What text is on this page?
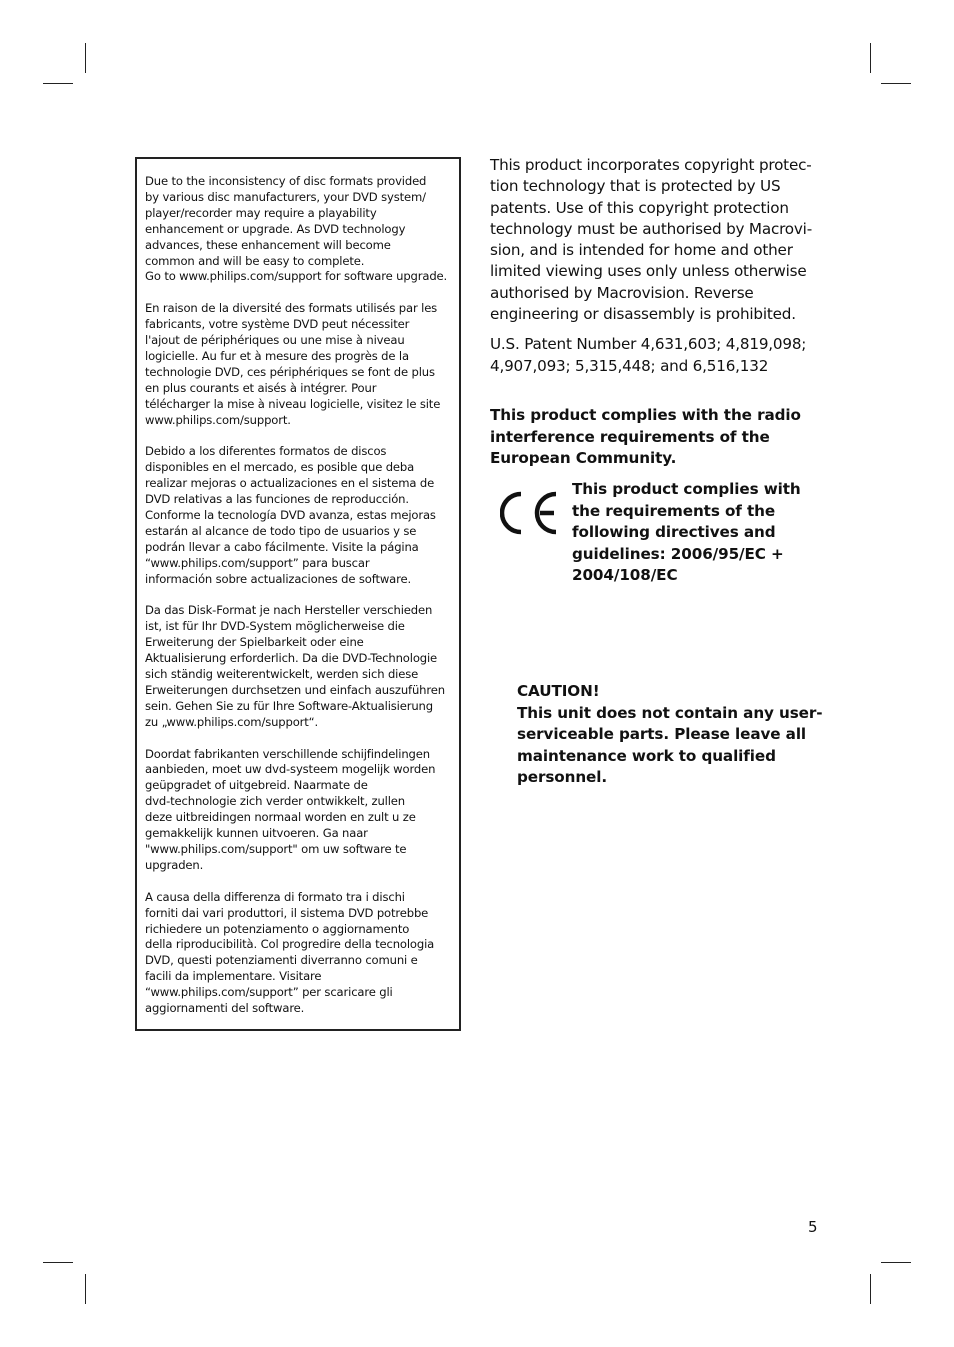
Due to the inconsistency of disc formats provided
by various disc manufacturers, your DVD system/
player/recorder may require a playability
enhancement or upgrade. As DVD technology
advances, these enhancement will become
common and will be easy to complete.
Go to www.philips.com/support for software upgrade.

En raison de la diversité des formats utilisés par les
fabricants, votre système DVD peut nécessiter
l'ajout de périphériques ou une mise à niveau
logicielle. Au fur et à mesure des progrès de la
technologie DVD, ces périphériques se font de plus
en plus courants et aisés à intégrer. Pour
télécharger la mise à niveau logicielle, visitez le site
www.philips.com/support.

Debido a los diferentes formatos de discos
disponibles en el mercado, es posible que deba
realizar mejoras o actualizaciones en el sistema de
DVD relativas a las funciones de reproducción.
Conforme la tecnología DVD avanza, estas mejoras
estarán al alcance de todo tipo de usuarios y se
podrán llevar a cabo fácilmente. Visite la página
“www.philips.com/support” para buscar
información sobre actualizaciones de software.

Da das Disk-Format je nach Hersteller verschieden
ist, ist für Ihr DVD-System möglicherweise die
Erweiterung der Spielbarkeit oder eine
Aktualisierung erforderlich. Da die DVD-Technologie
sich ständig weiterentwickelt, werden sich diese
Erweiterungen durchsetzen und einfach auszuführen
sein. Gehen Sie zu für Ihre Software-Aktualisierung
zu „www.philips.com/support“.

Doordat fabrikanten verschillende schijfindelingen
aanbieden, moet uw dvd-systeem mogelijk worden
geüpgradet of uitgebreid. Naarmate de
dvd-technologie zich verder ontwikkelt, zullen
deze uitbreidingen normaal worden en zult u ze
gemakkelijk kunnen uitvoeren. Ga naar
"www.philips.com/support" om uw software te
upgraden.

A causa della differenza di formato tra i dischi
forniti dai vari produttori, il sistema DVD potrebbe
richiedere un potenziamento o aggiornamento
della riproducibilità. Col progredire della tecnologia
DVD, questi potenziamenti diverranno comuni e
facili da implementare. Visitare
“www.philips.com/support” per scaricare gli
aggiornamenti del software.

This product incorporates copyright protec-
tion technology that is protected by US
patents. Use of this copyright protection
technology must be authorised by Macrovi-
sion, and is intended for home and other
limited viewing uses only unless otherwise
authorised by Macrovision. Reverse
engineering or disassembly is prohibited.

U.S. Patent Number 4,631,603; 4,819,098;
4,907,093; 5,315,448; and 6,516,132

This product complies with the radio
interference requirements of the
European Community.

This product complies with
the requirements of the
following directives and
guidelines: 2006/95/EC +
2004/108/EC

CAUTION!

This unit does not contain any user-
serviceable parts. Please leave all
maintenance work to qualified
personnel.

5
